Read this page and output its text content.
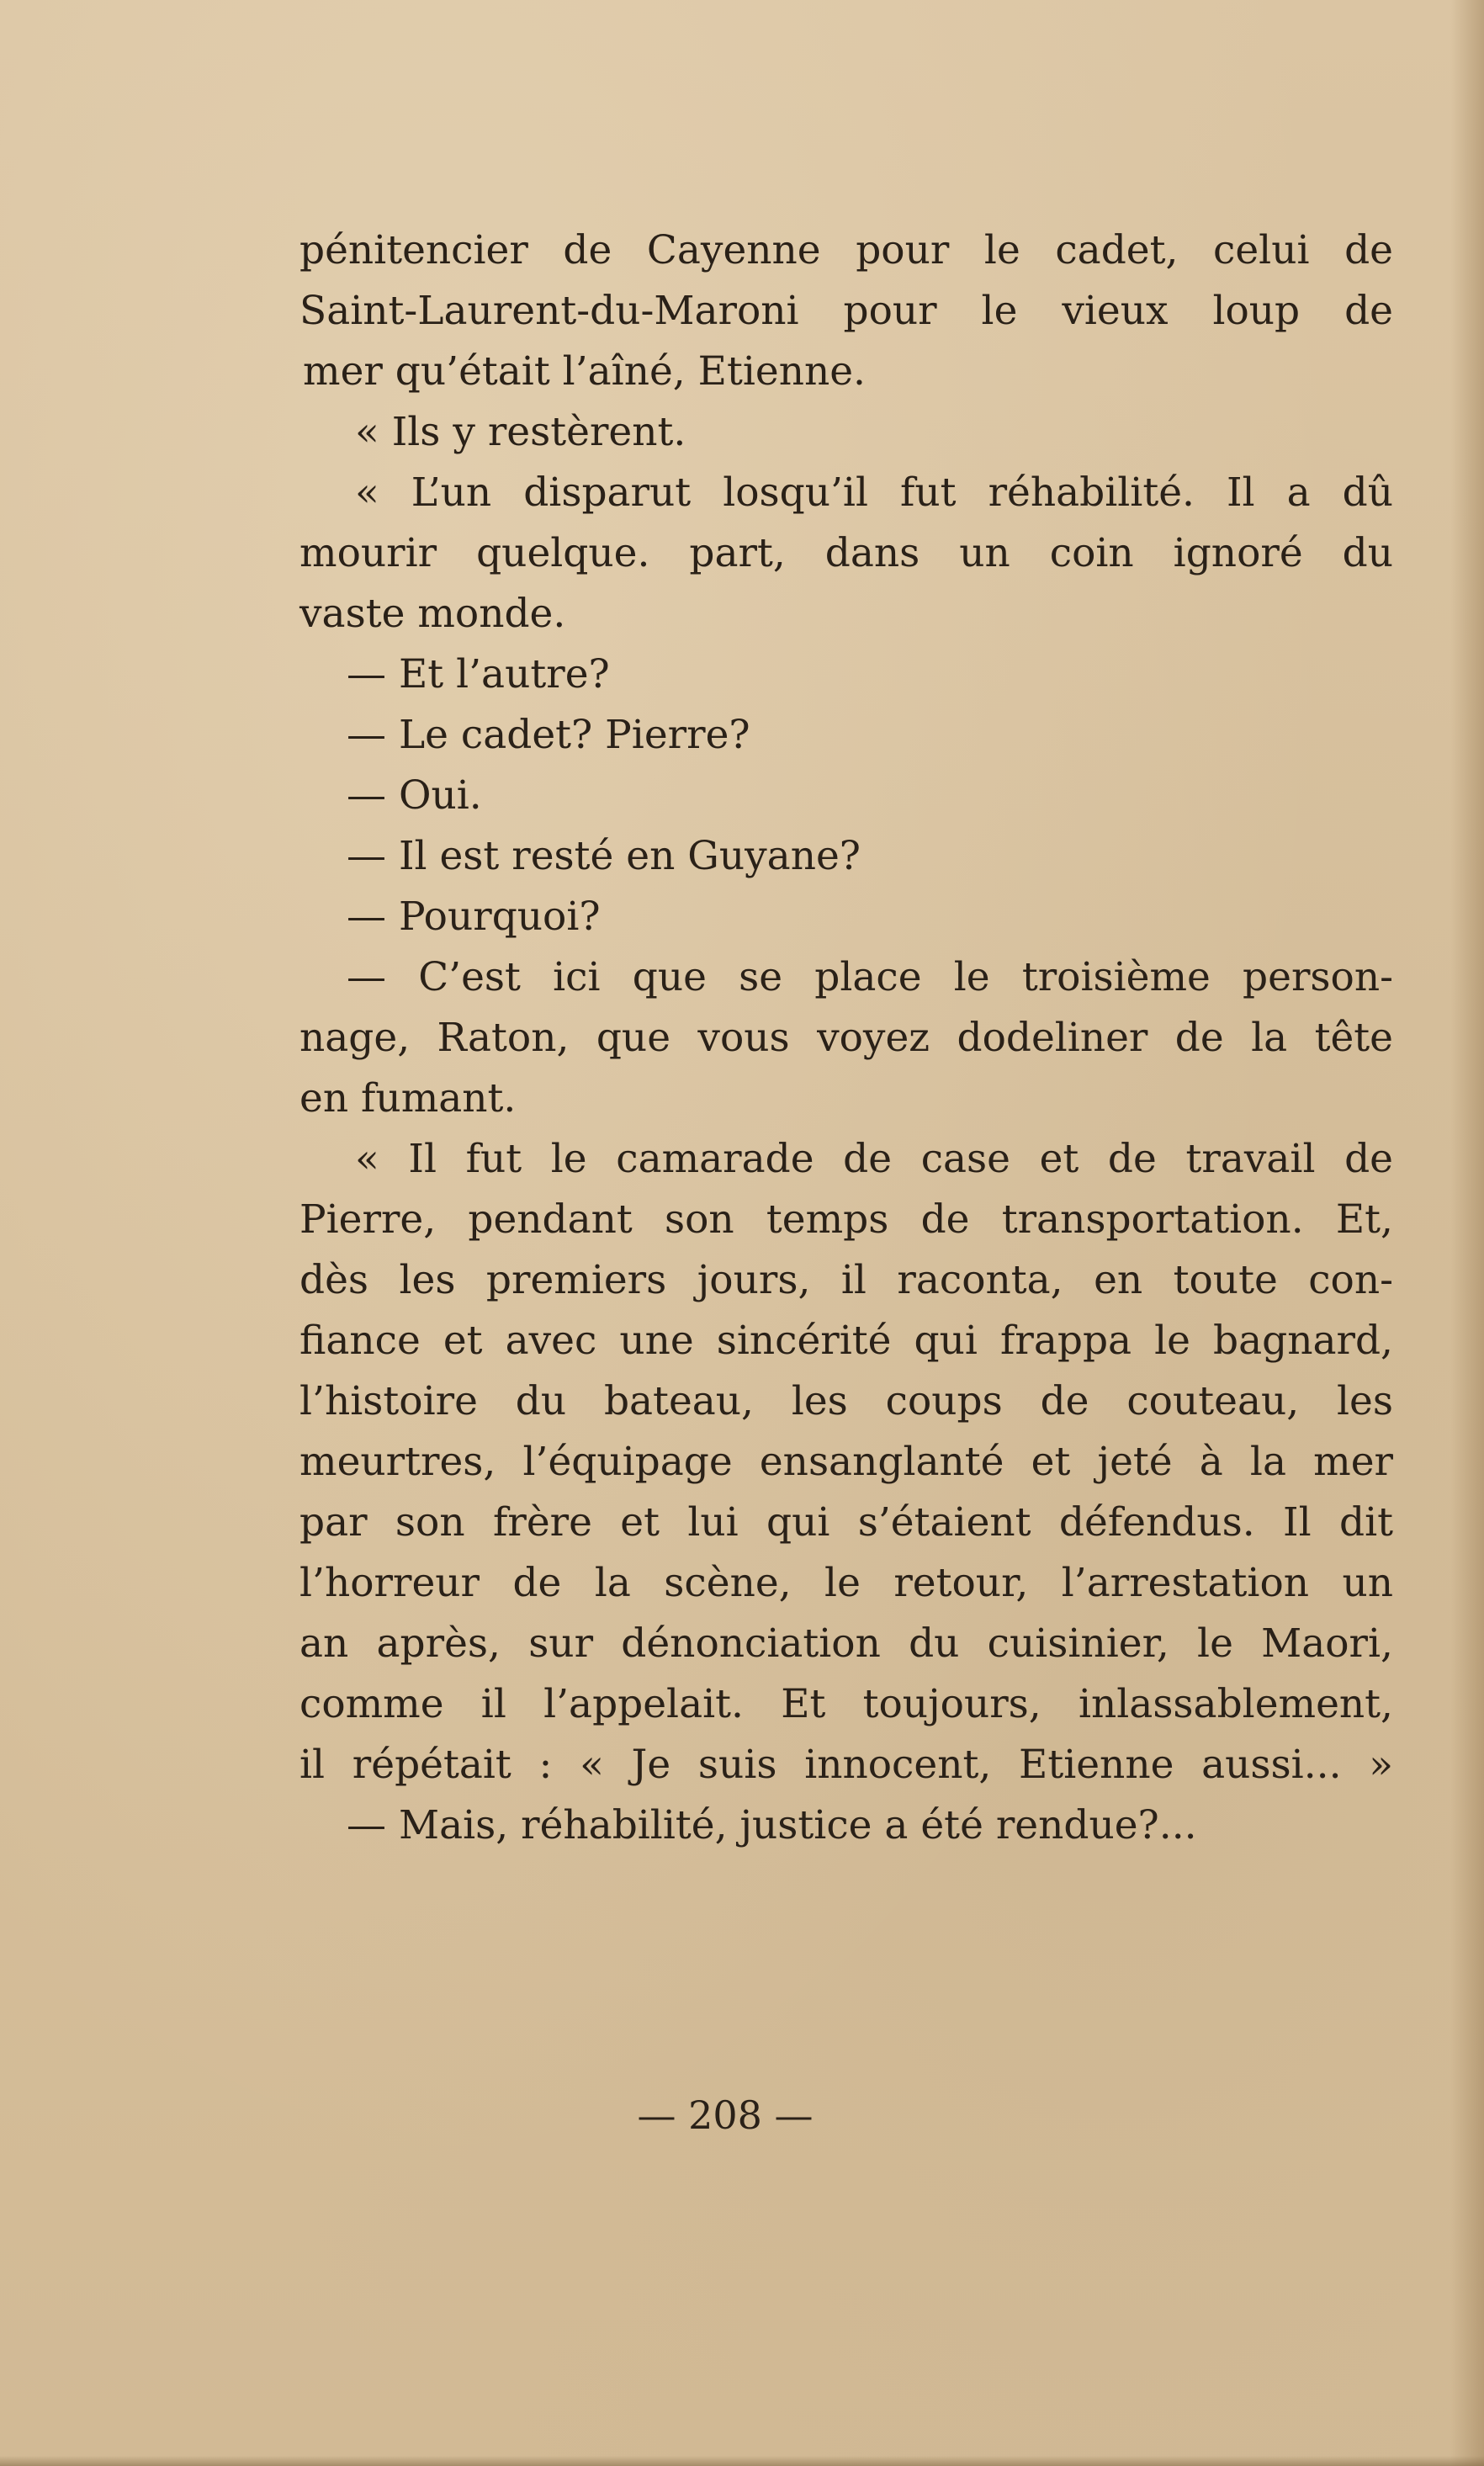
pénitencier de Cayenne pour le cadet, celui de
Saint-Laurent-du-Maroni pour le vieux loup de
mer qu’était l’aîné, Etienne.
« Ils y restèrent.
« L’un disparut losqu’il fut réhabilité. Il a dû
mourir quelque. part, dans un coin ignoré du
vaste monde.
— Et l’autre?
— Le cadet? Pierre?
— Oui.
— Il est resté en Guyane?
— Pourquoi?
— C’est ici que se place le troisième person-
nage, Raton, que vous voyez dodeliner de la tête
en fumant.
« Il fut le camarade de case et de travail de
Pierre, pendant son temps de transportation. Et,
dès les premiers jours, il raconta, en toute con-
fiance et avec une sincérité qui frappa le bagnard,
l’histoire du bateau, les coups de couteau, les
meurtres, l’équipage ensanglanté et jeté à la mer
par son frère et lui qui s’étaient défendus. Il dit
l’horreur de la scène, le retour, l’arrestation un
an après, sur dénonciation du cuisinier, le Maori,
comme il l’appelait. Et toujours, inlassablement,
il répétait : « Je suis innocent, Etienne aussi... »
— Mais, réhabilité, justice a été rendue?...
— 208 —
